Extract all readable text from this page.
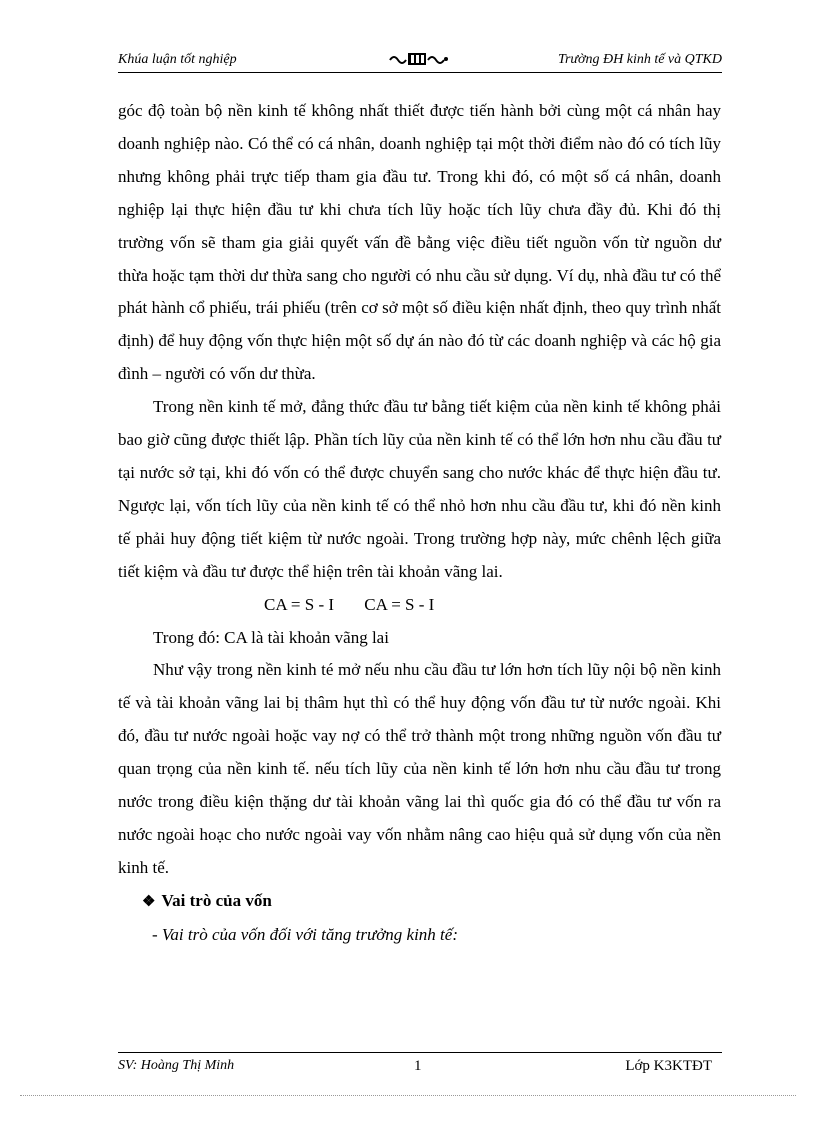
Khúa luận tốt nghiệp	Trường ĐH kinh tế và QTKD

góc độ toàn bộ nền kinh tế không nhất thiết được tiến hành bởi cùng một cá nhân hay doanh nghiệp nào. Có thể có cá nhân, doanh nghiệp tại một thời điểm nào đó có tích lũy nhưng không phải trực tiếp tham gia đầu tư. Trong khi đó, có một số cá nhân, doanh nghiệp lại thực hiện đầu tư khi chưa tích lũy hoặc tích lũy chưa đầy đủ. Khi đó thị trường vốn sẽ tham gia giải quyết vấn đề bằng việc điều tiết nguồn vốn từ nguồn dư thừa hoặc tạm thời dư thừa sang cho người có nhu cầu sử dụng. Ví dụ, nhà đầu tư có thể phát hành cổ phiếu, trái phiếu (trên cơ sở một số điều kiện nhất định, theo quy trình nhất định) để huy động vốn thực hiện một số dự án nào đó từ các doanh nghiệp và các hộ gia đình – người có vốn dư thừa.

Trong nền kinh tế mở, đẳng thức đầu tư bằng tiết kiệm của nền kinh tế không phải bao giờ cũng được thiết lập. Phần tích lũy của nền kinh tế có thể lớn hơn nhu cầu đầu tư tại nước sở tại, khi đó vốn có thể được chuyển sang cho nước khác để thực hiện đầu tư. Ngược lại, vốn tích lũy của nền kinh tế có thể nhỏ hơn nhu cầu đầu tư, khi đó nền kinh tế phải huy động tiết kiệm từ nước ngoài. Trong trường hợp này, mức chênh lệch giữa tiết kiệm và đầu tư được thể hiện trên tài khoản vãng lai.

CA = S - I CA = S - I

Trong đó: CA là tài khoản vãng lai

Như vậy trong nền kinh té mở nếu nhu cầu đầu tư lớn hơn tích lũy nội bộ nền kinh tế và tài khoản vãng lai bị thâm hụt thì có thể huy động vốn đầu tư từ nước ngoài. Khi đó, đầu tư nước ngoài hoặc vay nợ có thể trở thành một trong những nguồn vốn đầu tư quan trọng của nền kinh tế. nếu tích lũy của nền kinh tế lớn hơn nhu cầu đầu tư trong nước trong điều kiện thặng dư tài khoản vãng lai thì quốc gia đó có thể đầu tư vốn ra nước ngoài hoạc cho nước ngoài vay vốn nhằm nâng cao hiệu quả sử dụng vốn của nền kinh tế.

❖ Vai trò của vốn

- Vai trò của vốn đối với tăng trưởng kinh tế:

SV: Hoàng Thị Minh	1	Lớp K3KTĐT
